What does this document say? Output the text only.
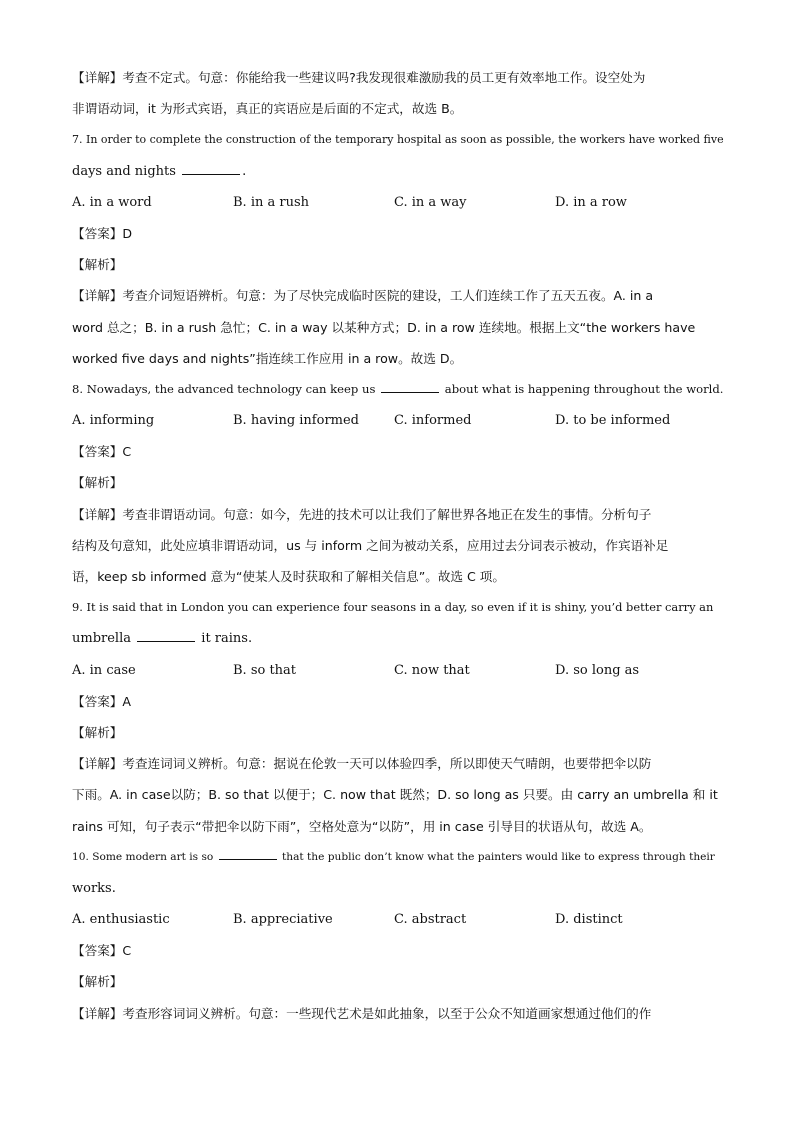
【详解】考查不定式。句意：你能给我一些建议吗?我发现很难激励我的员工更有效率地工作。设空处为
非谓语动词，it 为形式宾语，真正的宾语应是后面的不定式，故选 B。
7. In order to complete the construction of the temporary hospital as soon as possible, the workers have worked five
days and nights	.
A. in a word	B. in a rush	C. in a way	D. in a row
【答案】D
【解析】
【详解】考查介词短语辨析。句意：为了尽快完成临时医院的建设，工人们连续工作了五天五夜。A. in a
word 总之；B. in a rush 急忙；C. in a way 以某种方式；D. in a row 连续地。根据上文“the workers have
worked five days and nights”指连续工作应用 in a row。故选 D。
8. Nowadays, the advanced technology can keep us	about what is happening throughout the world.
A. informing	B. having informed	C. informed	D. to be informed
【答案】C
【解析】
【详解】考查非谓语动词。句意：如今，先进的技术可以让我们了解世界各地正在发生的事情。分析句子
结构及句意知，此处应填非谓语动词，us 与 inform 之间为被动关系，应用过去分词表示被动，作宾语补足
语，keep sb informed 意为“使某人及时获取和了解相关信息”。故选 C 项。
9. It is said that in London you can experience four seasons in a day, so even if it is shiny, you’d better carry an
umbrella	it rains.
A. in case	B. so that	C. now that	D. so long as
【答案】A
【解析】
【详解】考查连词词义辨析。句意：据说在伦敦一天可以体验四季，所以即使天气晴朗，也要带把伞以防
下雨。A. in case以防；B. so that 以便于；C. now that 既然；D. so long as 只要。由 carry an umbrella 和 it
rains 可知，句子表示“带把伞以防下雨”，空格处意为“以防”，用 in case 引导目的状语从句，故选 A。
10. Some modern art is so	that the public don’t know what the painters would like to express through their
works.
A. enthusiastic	B. appreciative	C. abstract	D. distinct
【答案】C
【解析】
【详解】考查形容词词义辨析。句意：一些现代艺术是如此抽象，以至于公众不知道画家想通过他们的作
